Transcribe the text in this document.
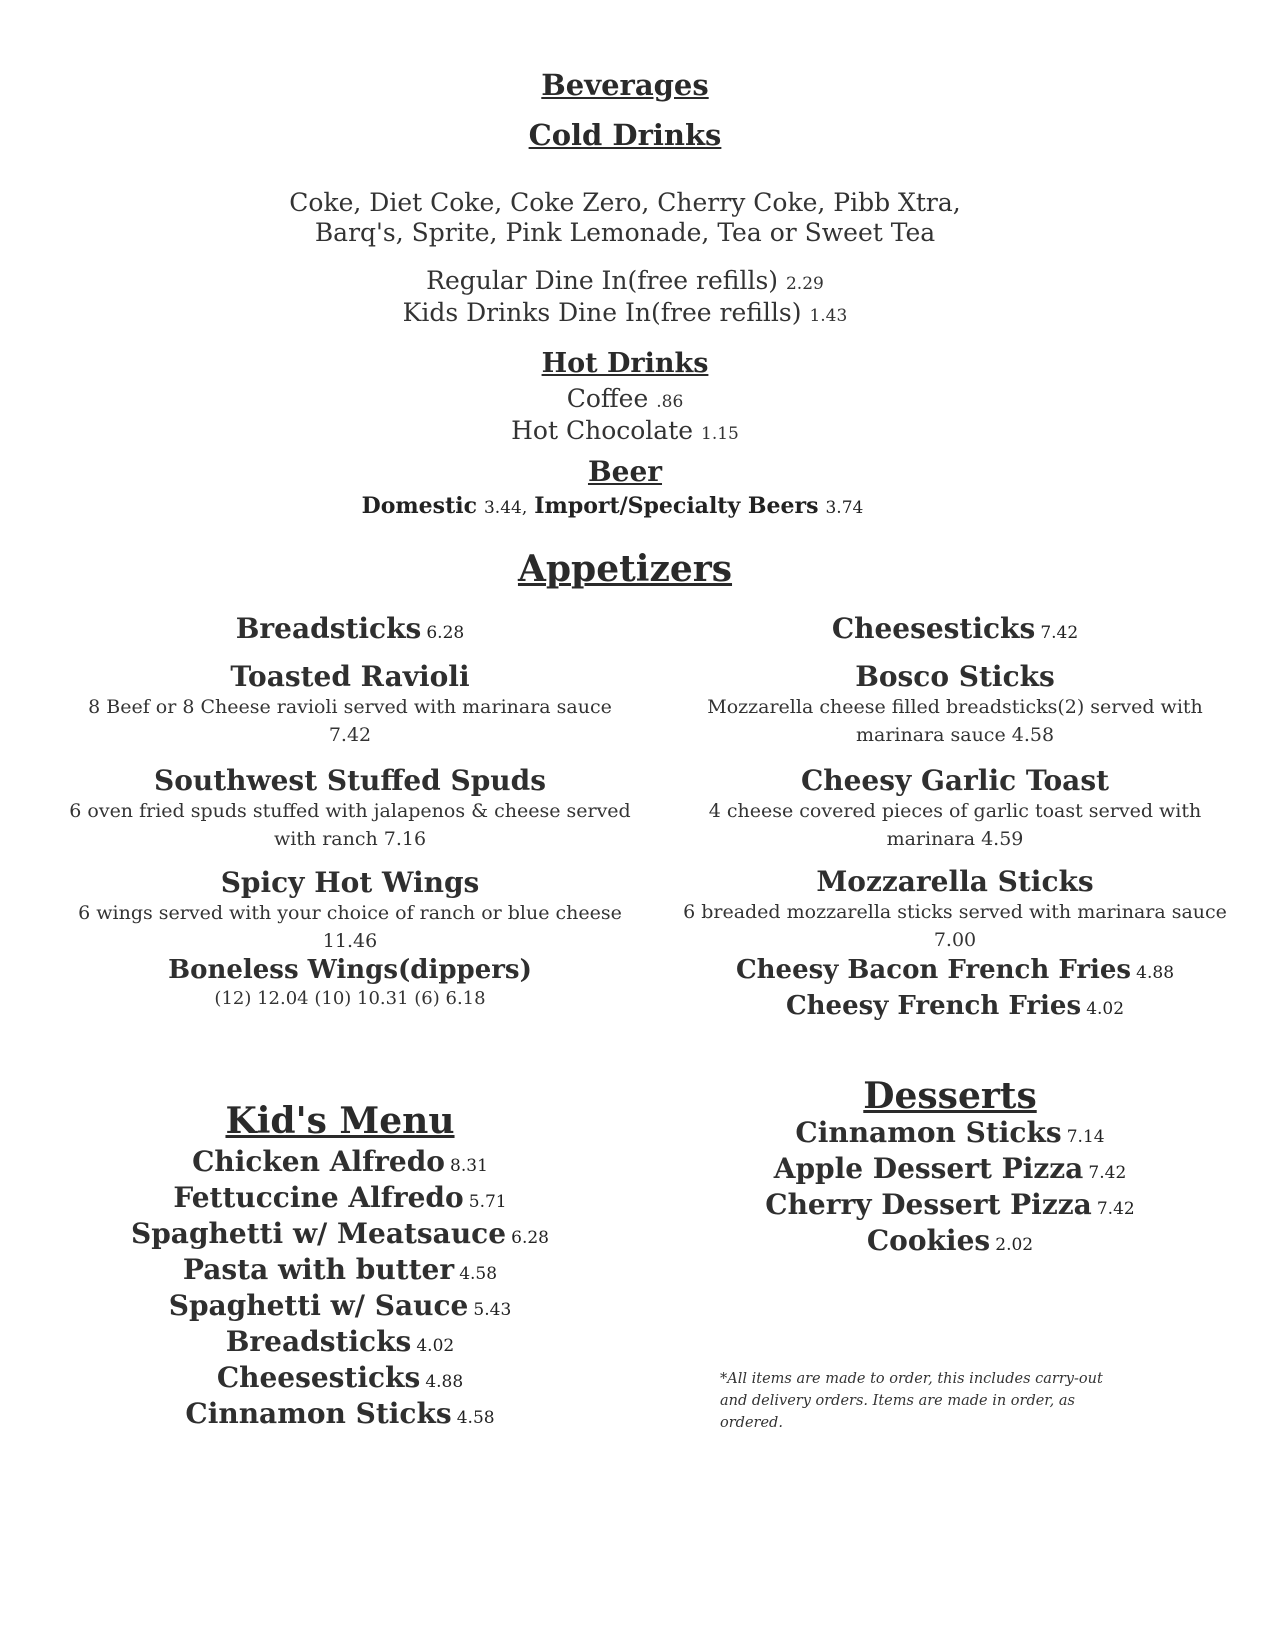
Beverages
Cold Drinks
Coke, Diet Coke, Coke Zero, Cherry Coke, Pibb Xtra,
Barq's, Sprite, Pink Lemonade, Tea or Sweet Tea
Regular Dine In(free refills) 2.29
Kids Drinks Dine In(free refills) 1.43
Hot Drinks
Coffee .86
Hot Chocolate 1.15
Beer
Domestic 3.44, Import/Specialty Beers 3.74
Appetizers
Breadsticks 6.28
Toasted Ravioli
8 Beef or 8 Cheese ravioli served with marinara sauce
7.42
Southwest Stuffed Spuds
6 oven fried spuds stuffed with jalapenos & cheese served
with ranch 7.16
Spicy Hot Wings
6 wings served with your choice of ranch or blue cheese
11.46
Boneless Wings(dippers)
(12) 12.04 (10) 10.31 (6) 6.18
Cheesesticks 7.42
Bosco Sticks
Mozzarella cheese filled breadsticks(2) served with
marinara sauce 4.58
Cheesy Garlic Toast
4 cheese covered pieces of garlic toast served with
marinara 4.59
Mozzarella Sticks
6 breaded mozzarella sticks served with marinara sauce
7.00
Cheesy Bacon French Fries 4.88
Cheesy French Fries 4.02
Kid's Menu
Chicken Alfredo 8.31
Fettuccine Alfredo 5.71
Spaghetti w/ Meatsauce 6.28
Pasta with butter 4.58
Spaghetti w/ Sauce 5.43
Breadsticks 4.02
Cheesesticks 4.88
Cinnamon Sticks 4.58
Desserts
Cinnamon Sticks 7.14
Apple Dessert Pizza 7.42
Cherry Dessert Pizza 7.42
Cookies 2.02
*All items are made to order, this includes carry-out
and delivery orders. Items are made in order, as
ordered.
